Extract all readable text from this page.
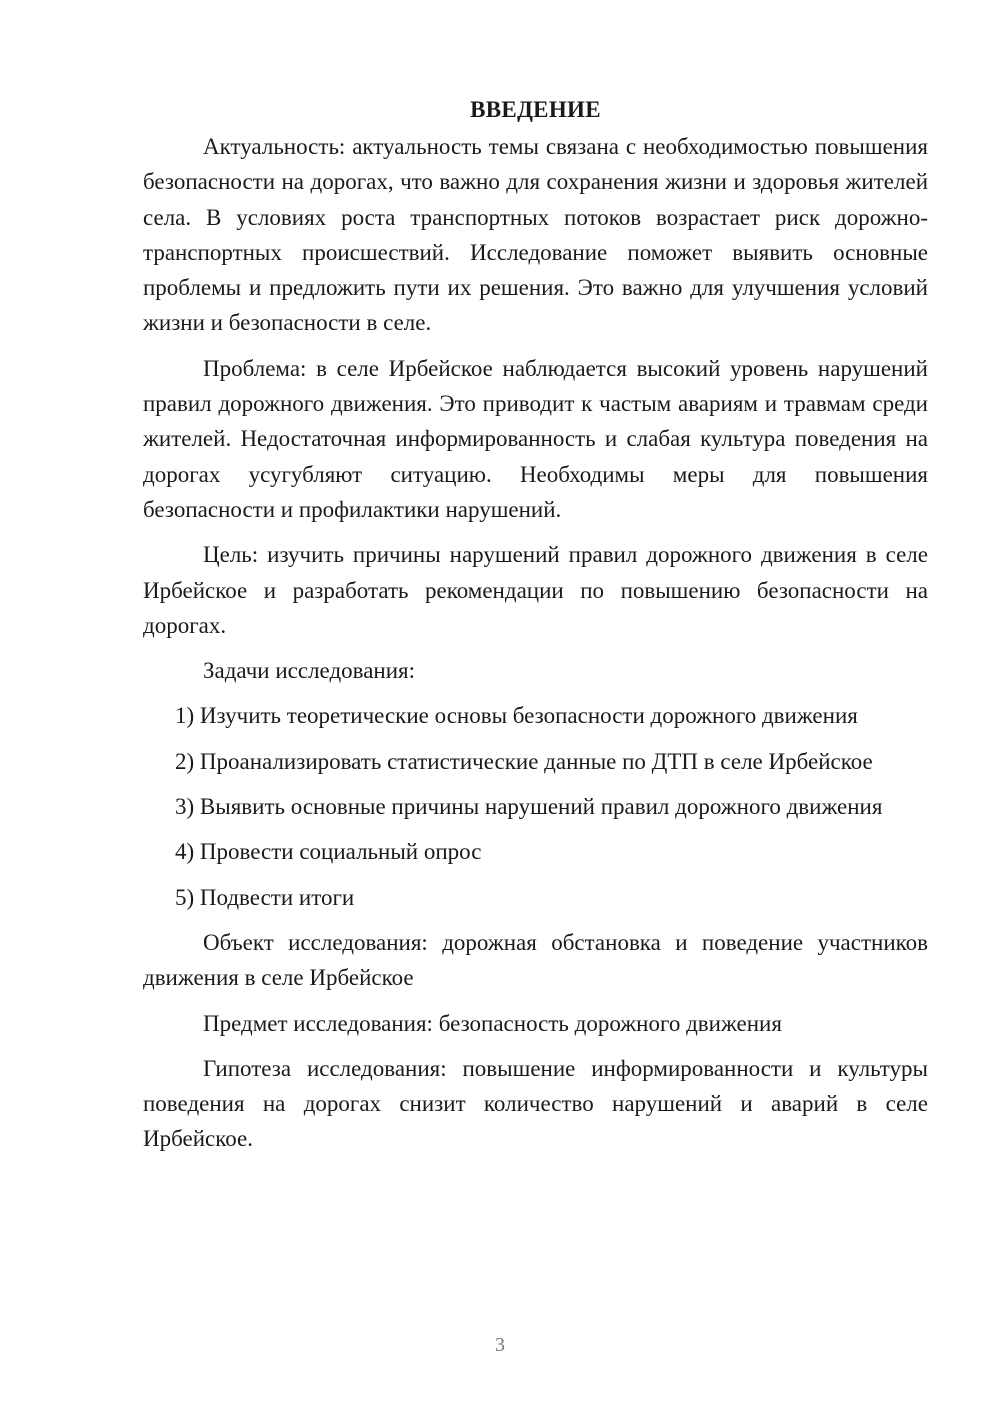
ВВЕДЕНИЕ

Актуальность: актуальность темы связана с необходимостью повышения безопасности на дорогах, что важно для сохранения жизни и здоровья жителей села. В условиях роста транспортных потоков возрастает риск дорожно-транспортных происшествий. Исследование поможет выявить основные проблемы и предложить пути их решения. Это важно для улучшения условий жизни и безопасности в селе.

Проблема: в селе Ирбейское наблюдается высокий уровень нарушений правил дорожного движения. Это приводит к частым авариям и травмам среди жителей. Недостаточная информированность и слабая культура поведения на дорогах усугубляют ситуацию. Необходимы меры для повышения безопасности и профилактики нарушений.

Цель: изучить причины нарушений правил дорожного движения в селе Ирбейское и разработать рекомендации по повышению безопасности на дорогах.

Задачи исследования:

1) Изучить теоретические основы безопасности дорожного движения

2) Проанализировать статистические данные по ДТП в селе Ирбейское

3) Выявить основные причины нарушений правил дорожного движения

4) Провести социальный опрос

5) Подвести итоги

Объект исследования: дорожная обстановка и поведение участников движения в селе Ирбейское

Предмет исследования: безопасность дорожного движения

Гипотеза исследования: повышение информированности и культуры поведения на дорогах снизит количество нарушений и аварий в селе Ирбейское.

3
